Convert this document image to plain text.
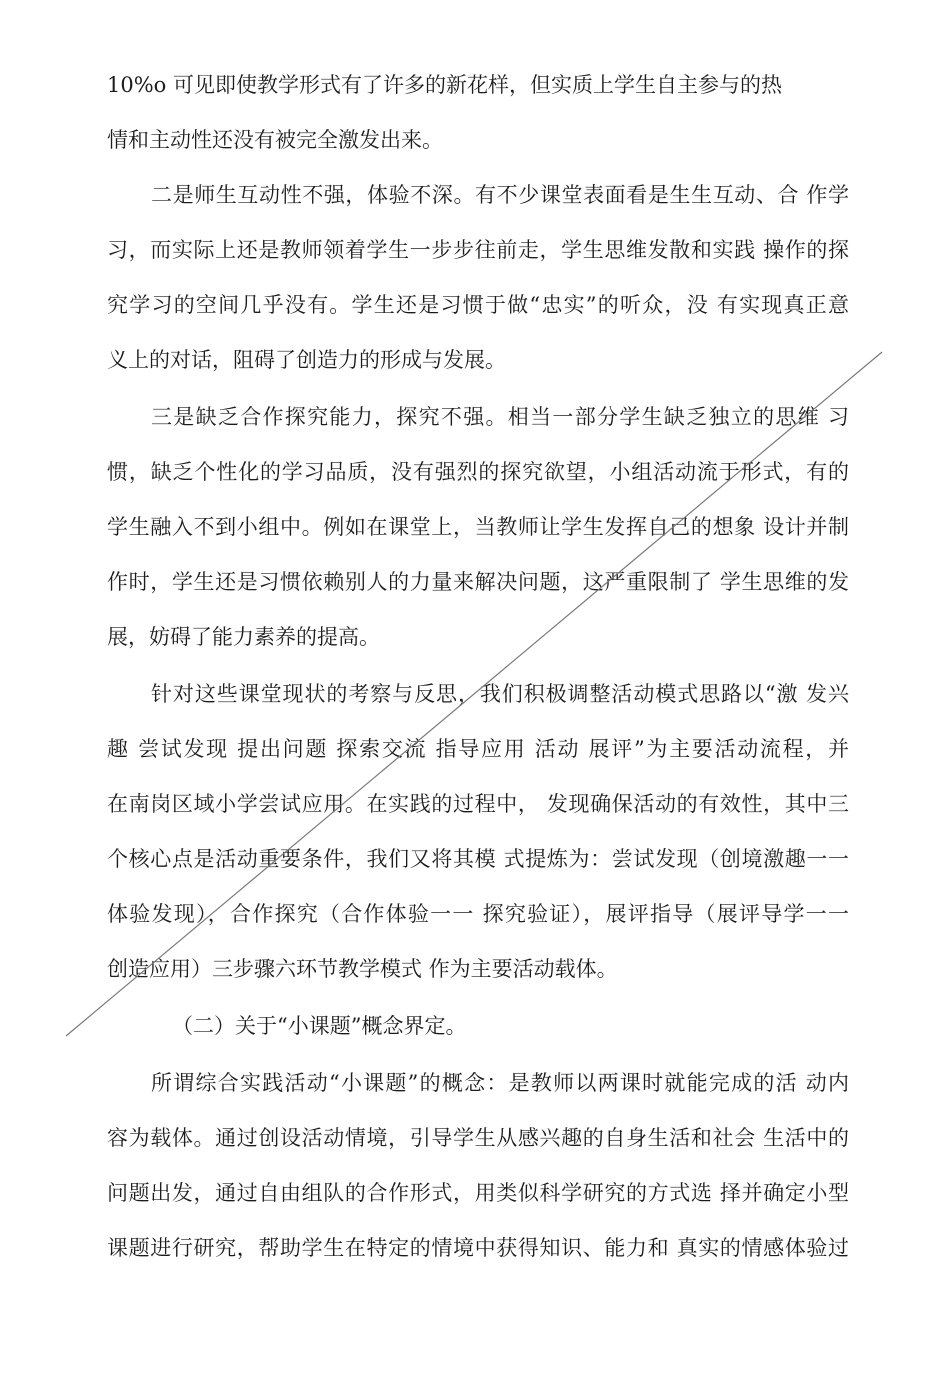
10%o 可见即使教学形式有了许多的新花样，但实质上学生自主参与的热
情和主动性还没有被完全激发出来。
二是师生互动性不强，体验不深。有不少课堂表面看是生生互动、合 作学
习，而实际上还是教师领着学生一步步往前走，学生思维发散和实践 操作的探
究学习的空间几乎没有。学生还是习惯于做“忠实”的听众，没 有实现真正意
义上的对话，阻碍了创造力的形成与发展。
三是缺乏合作探究能力，探究不强。相当一部分学生缺乏独立的思维 习
惯，缺乏个性化的学习品质，没有强烈的探究欲望，小组活动流于形式，有的
学生融入不到小组中。例如在课堂上，当教师让学生发挥自己的想象 设计并制
作时，学生还是习惯依赖别人的力量来解决问题，这严重限制了 学生思维的发
展，妨碍了能力素养的提高。
针对这些课堂现状的考察与反思，我们积极调整活动模式思路以“激 发兴
趣 尝试发现 提出问题 探索交流 指导应用 活动 展评”为主要活动流程，并
在南岗区域小学尝试应用。在实践的过程中， 发现确保活动的有效性，其中三
个核心点是活动重要条件，我们又将其模 式提炼为：尝试发现（创境激趣一一
体验发现），合作探究（合作体验一一 探究验证），展评指导（展评导学一一
创造应用）三步骤六环节教学模式 作为主要活动载体。
（二）关于“小课题”概念界定。
所谓综合实践活动“小课题”的概念：是教师以两课时就能完成的活 动内
容为载体。通过创设活动情境，引导学生从感兴趣的自身生活和社会 生活中的
问题出发，通过自由组队的合作形式，用类似科学研究的方式选 择并确定小型
课题进行研究，帮助学生在特定的情境中获得知识、能力和 真实的情感体验过
